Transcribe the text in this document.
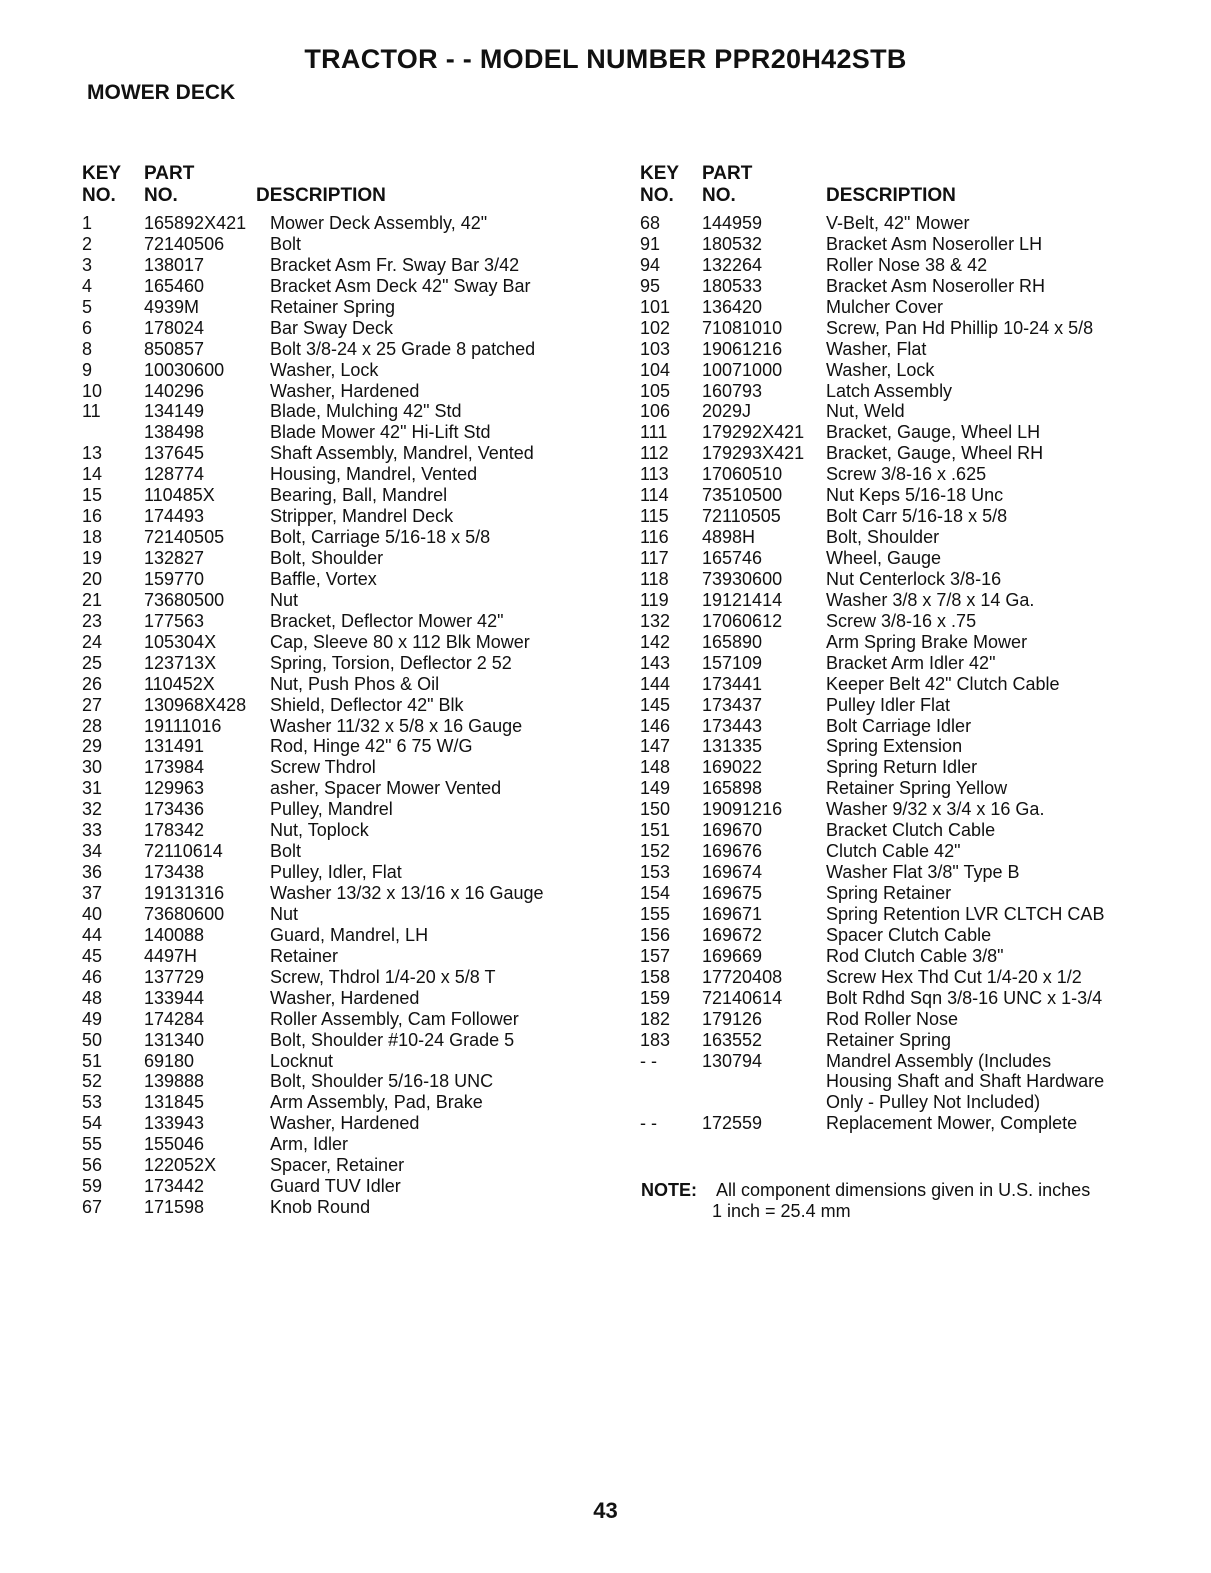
TRACTOR - - MODEL NUMBER PPR20H42STB
MOWER DECK
KEY
NO.
PART
NO.	DESCRIPTION
1	165892X421 Mower Deck Assembly, 42"
2	72140506	Bolt
3	138017	Bracket Asm Fr. Sway Bar 3/42
4	165460	Bracket Asm Deck 42" Sway Bar
5	4939M	Retainer Spring
6	178024	Bar Sway Deck
8	850857	Bolt 3/8-24 x 25 Grade 8 patched
9	10030600	Washer, Lock
10	140296	Washer, Hardened
11	134149	Blade, Mulching 42" Std
138498	Blade Mower 42" Hi-Lift Std
13	137645	Shaft Assembly, Mandrel, Vented
14	128774	Housing, Mandrel, Vented
15	110485X	Bearing, Ball, Mandrel
16	174493	Stripper, Mandrel Deck
18	72140505	Bolt, Carriage 5/16-18 x 5/8
19	132827	Bolt, Shoulder
20	159770	Baffle, Vortex
21	73680500	Nut
23	177563	Bracket, Deflector Mower 42"
24	105304X	Cap, Sleeve 80 x 112 Blk Mower
25	123713X	Spring, Torsion, Deflector 2 52
26	110452X	Nut, Push Phos & Oil
27	130968X428 Shield, Deflector 42" Blk
28	19111016	Washer 11/32 x 5/8 x 16 Gauge
29	131491	Rod, Hinge 42" 6 75 W/G
30	173984	Screw Thdrol
31	129963	asher, Spacer Mower Vented
32	173436	Pulley, Mandrel
33	178342	Nut, Toplock
34	72110614	Bolt
36	173438	Pulley, Idler, Flat
37	19131316	Washer 13/32 x 13/16 x 16 Gauge
40	73680600	Nut
44	140088	Guard, Mandrel, LH
45	4497H	Retainer
46	137729	Screw, Thdrol 1/4-20 x 5/8 T
48	133944	Washer, Hardened
49	174284	Roller Assembly, Cam Follower
50	131340	Bolt, Shoulder #10-24 Grade 5
51	69180	Locknut
52	139888	Bolt, Shoulder 5/16-18 UNC
53	131845	Arm Assembly, Pad, Brake
54	133943	Washer, Hardened
55	155046	Arm, Idler
56	122052X	Spacer, Retainer
59	173442	Guard TUV Idler
67	171598	Knob Round
KEY
NO.
PART
NO.	DESCRIPTION
68	144959	V-Belt, 42" Mower
91	180532	Bracket Asm Noseroller LH
94	132264	Roller Nose 38 & 42
95	180533	Bracket Asm Noseroller RH
101	136420	Mulcher Cover
102	71081010 Screw, Pan Hd Phillip 10-24 x 5/8
103	19061216 Washer, Flat
104	10071000 Washer, Lock
105	160793	Latch Assembly
106	2029J	Nut, Weld
111	179292X421 Bracket, Gauge, Wheel LH
112	179293X421 Bracket, Gauge, Wheel RH
113	17060510 Screw 3/8-16 x .625
114	73510500 Nut Keps 5/16-18 Unc
115	72110505	Bolt Carr 5/16-18 x 5/8
116	4898H	Bolt, Shoulder
117	165746	Wheel, Gauge
118	73930600 Nut Centerlock 3/8-16
119	19121414 Washer 3/8 x 7/8 x 14 Ga.
132	17060612 Screw 3/8-16 x .75
142	165890	Arm Spring Brake Mower
143	157109	Bracket Arm Idler 42"
144	173441	Keeper Belt 42" Clutch Cable
145	173437	Pulley Idler Flat
146	173443	Bolt Carriage Idler
147	131335	Spring Extension
148	169022	Spring Return Idler
149	165898	Retainer Spring Yellow
150	19091216 Washer 9/32 x 3/4 x 16 Ga.
151	169670	Bracket Clutch Cable
152	169676	Clutch Cable 42"
153	169674	Washer Flat 3/8" Type B
154	169675	Spring Retainer
155	169671	Spring Retention LVR CLTCH CAB
156	169672	Spacer Clutch Cable
157	169669	Rod Clutch Cable 3/8"
158	17720408 Screw Hex Thd Cut 1/4-20 x 1/2
159	72140614 Bolt Rdhd Sqn 3/8-16 UNC x 1-3/4
182	179126	Rod Roller Nose
183	163552	Retainer Spring
- -	130794	Mandrel Assembly (Includes
Housing Shaft and Shaft Hardware
Only - Pulley Not Included)
- -	172559	Replacement Mower, Complete
NOTE: All component dimensions given in U.S. inches
1 inch = 25.4 mm
43
